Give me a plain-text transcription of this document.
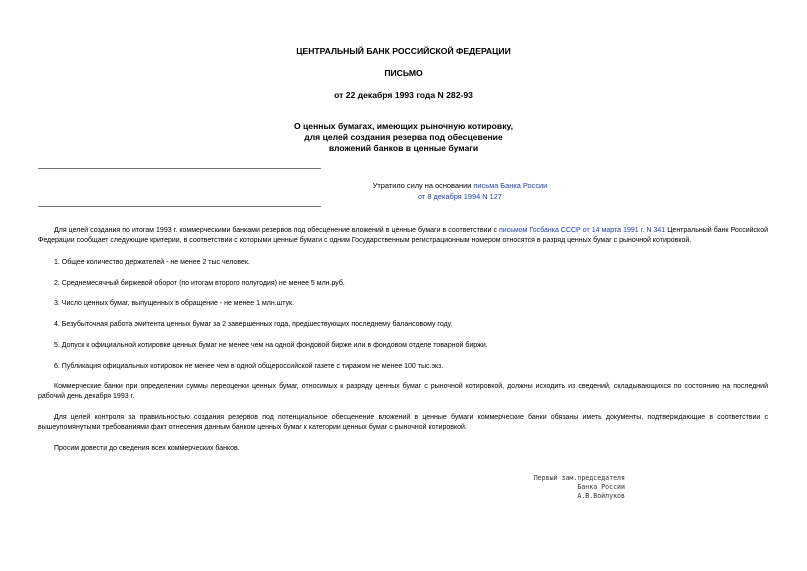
ЦЕНТРАЛЬНЫЙ БАНК РОССИЙСКОЙ ФЕДЕРАЦИИ
ПИСЬМО
от 22 декабря 1993 года N 282-93
О ценных бумагах, имеющих рыночную котировку,
для целей создания резерва под обесцевение
вложений банков в ценные бумаги
Утратило силу на основании письма Банка России
от 8 декабря 1994 N 127
Для целей создания по итогам 1993 г. коммерческими банками резервов под обесценение вложений в ценные бумаги в соответствии с письмом Госбанка СССР от 14 марта 1991 г. N 341 Центральный банк Российской Федерации сообщает следующие критерии, в соответствии с которыми ценные бумаги с одним Государственным регистрационным номером относятся в разряд ценных бумаг с рыночной котировкой.
1. Общее количество держателей - не менее 2 тыс человек.
2. Среднемесячный биржевой оборот (по итогам второго полугодия) не менее 5 млн.руб.
3. Число ценных бумаг, выпущенных в обращение - не менее 1 млн.штук.
4. Безубыточная работа эмитента ценных бумаг за 2 завершенных года, предшествующих последнему балансовому году.
5. Допуск к официальной котировке ценных бумаг не менее чем на одной фондовой бирже или в фондовом отделе товарной биржи.
6. Публикация официальных котировок не менее чем в одной общероссийской газете с тиражом не менее 100 тыс.экз.
Коммерческие банки при определении суммы переоценки ценных бумаг, относимых к разряду ценных бумаг с рыночной котировкой, должны исходить из сведений, складывающихся по состоянию на последний рабочий день декабря 1993 г.
Для целей контроля за правильностью создания резервов под потенциальное обесценение вложений в ценные бумаги коммерческие банки обязаны иметь документы, подтверждающие в соответствии с вышеупомянутыми требованиями факт отнесения данным банком ценных бумаг к категории ценных бумаг с рыночной котировкой.
Просим довести до сведения всех коммерческих банков.
Первый зам.председателя
Банка России
А.В.Войлуков
